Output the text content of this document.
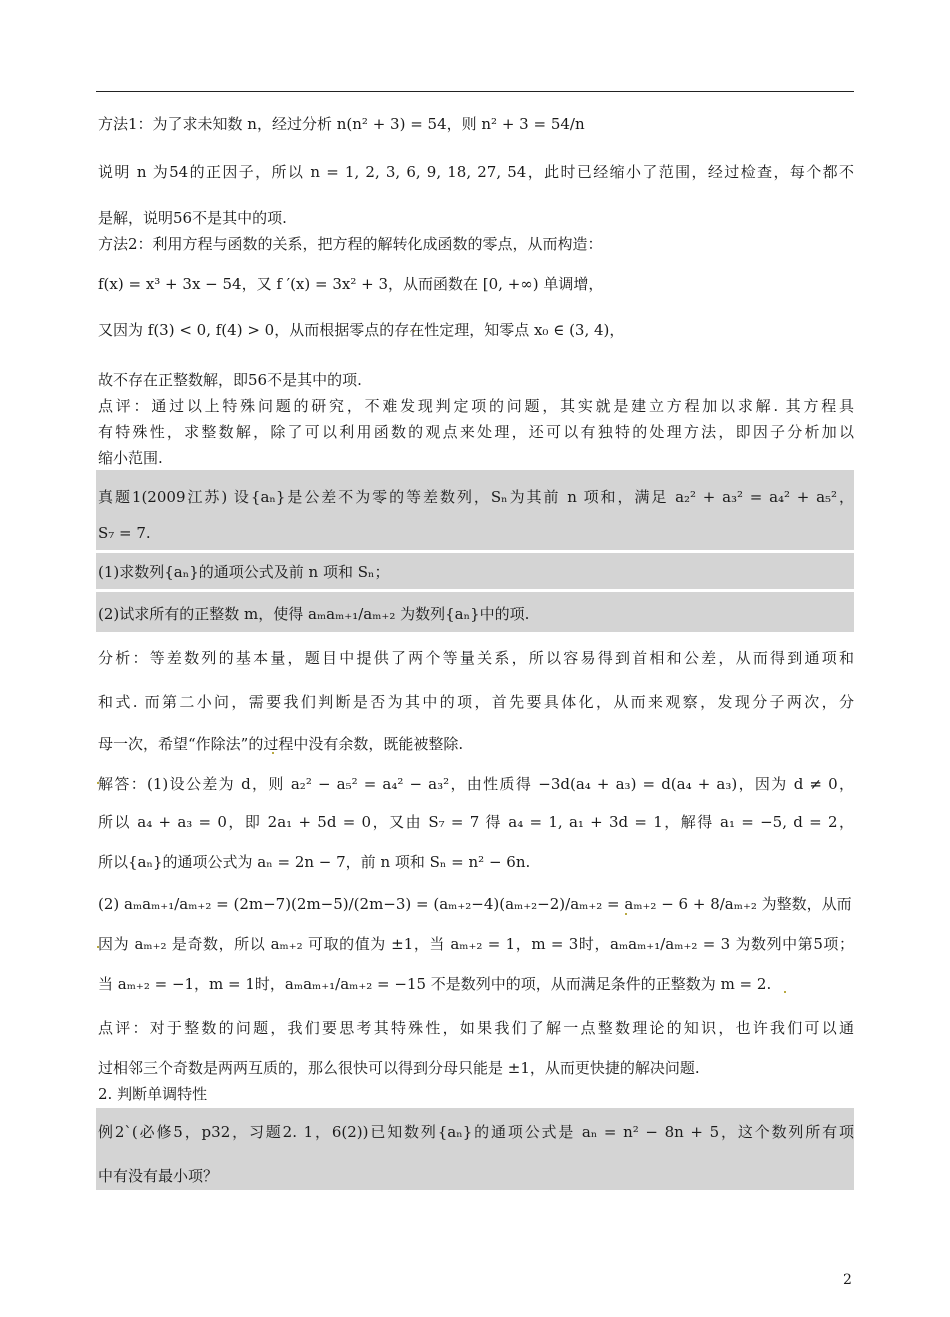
方法1：为了求未知数 n，经过分析 n(n² + 3) = 54，则 n² + 3 = 54/n
说明 n 为54的正因子，所以 n = 1, 2, 3, 6, 9, 18, 27, 54，此时已经缩小了范围，经过检查，每个都不
是解，说明56不是其中的项.
方法2：利用方程与函数的关系，把方程的解转化成函数的零点，从而构造：
f(x) = x³ + 3x − 54，又 f ′(x) = 3x² + 3，从而函数在 [0, +∞) 单调增，
又因为 f(3) < 0, f(4) > 0，从而根据零点的存在性定理，知零点 x₀ ∈ (3, 4)，
故不存在正整数解，即56不是其中的项.
点评：通过以上特殊问题的研究，不难发现判定项的问题，其实就是建立方程加以求解. 其方程具
有特殊性，求整数解，除了可以利用函数的观点来处理，还可以有独特的处理方法，即因子分析加以
缩小范围.
真题1(2009江苏) 设{aₙ}是公差不为零的等差数列，Sₙ为其前 n 项和，满足 a₂² + a₃² = a₄² + a₅²，
S₇ = 7.
(1)求数列{aₙ}的通项公式及前 n 项和 Sₙ；
(2)试求所有的正整数 m，使得 aₘaₘ₊₁/aₘ₊₂ 为数列{aₙ}中的项.
分析：等差数列的基本量，题目中提供了两个等量关系，所以容易得到首相和公差，从而得到通项和
和式. 而第二小问，需要我们判断是否为其中的项，首先要具体化，从而来观察，发现分子两次，分
母一次，希望“作除法”的过程中没有余数，既能被整除.
解答：(1)设公差为 d，则 a₂² − a₅² = a₄² − a₃²，由性质得 −3d(a₄ + a₃) = d(a₄ + a₃)，因为 d ≠ 0，
所以 a₄ + a₃ = 0，即 2a₁ + 5d = 0，又由 S₇ = 7 得 a₄ = 1, a₁ + 3d = 1，解得 a₁ = −5, d = 2，
所以{aₙ}的通项公式为 aₙ = 2n − 7，前 n 项和 Sₙ = n² − 6n.
(2) aₘaₘ₊₁/aₘ₊₂ = (2m−7)(2m−5)/(2m−3) = (aₘ₊₂−4)(aₘ₊₂−2)/aₘ₊₂ = aₘ₊₂ − 6 + 8/aₘ₊₂ 为整数，从而
因为 aₘ₊₂ 是奇数，所以 aₘ₊₂ 可取的值为 ±1，当 aₘ₊₂ = 1，m = 3时，aₘaₘ₊₁/aₘ₊₂ = 3 为数列中第5项；
当 aₘ₊₂ = −1，m = 1时，aₘaₘ₊₁/aₘ₊₂ = −15 不是数列中的项，从而满足条件的正整数为 m = 2.
点评：对于整数的问题，我们要思考其特殊性，如果我们了解一点整数理论的知识，也许我们可以通
过相邻三个奇数是两两互质的，那么很快可以得到分母只能是 ±1，从而更快捷的解决问题.
2. 判断单调特性
例2`(必修5，p32，习题2. 1，6(2))已知数列{aₙ}的通项公式是 aₙ = n² − 8n + 5，这个数列所有项
中有没有最小项？
2
